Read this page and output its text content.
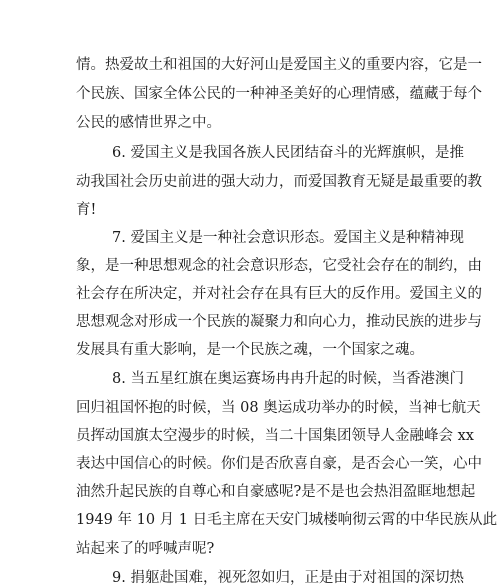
情。热爱故土和祖国的大好河山是爱国主义的重要内容，它是一

个民族、国家全体公民的一种神圣美好的心理情感，蕴藏于每个

公民的感情世界之中。

6. 爱国主义是我国各族人民团结奋斗的光辉旗帜，是推

动我国社会历史前进的强大动力，而爱国教育无疑是最重要的教

育!

7. 爱国主义是一种社会意识形态。爱国主义是种精神现

象，是一种思想观念的社会意识形态，它受社会存在的制约，由

社会存在所决定，并对社会存在具有巨大的反作用。爱国主义的

思想观念对形成一个民族的凝聚力和向心力，推动民族的进步与

发展具有重大影响，是一个民族之魂，一个国家之魂。

8. 当五星红旗在奥运赛场冉冉升起的时候，当香港澳门

回归祖国怀抱的时候，当 08 奥运成功举办的时候，当神七航天

员挥动国旗太空漫步的时候，当二十国集团领导人金融峰会 xx

表达中国信心的时候。你们是否欣喜自豪，是否会心一笑，心中

油然升起民族的自尊心和自豪感呢?是不是也会热泪盈眶地想起

1949 年 10 月 1 日毛主席在天安门城楼响彻云霄的中华民族从此

站起来了的呼喊声呢?

9. 捐躯赴国难，视死忽如归，正是由于对祖国的深切热
